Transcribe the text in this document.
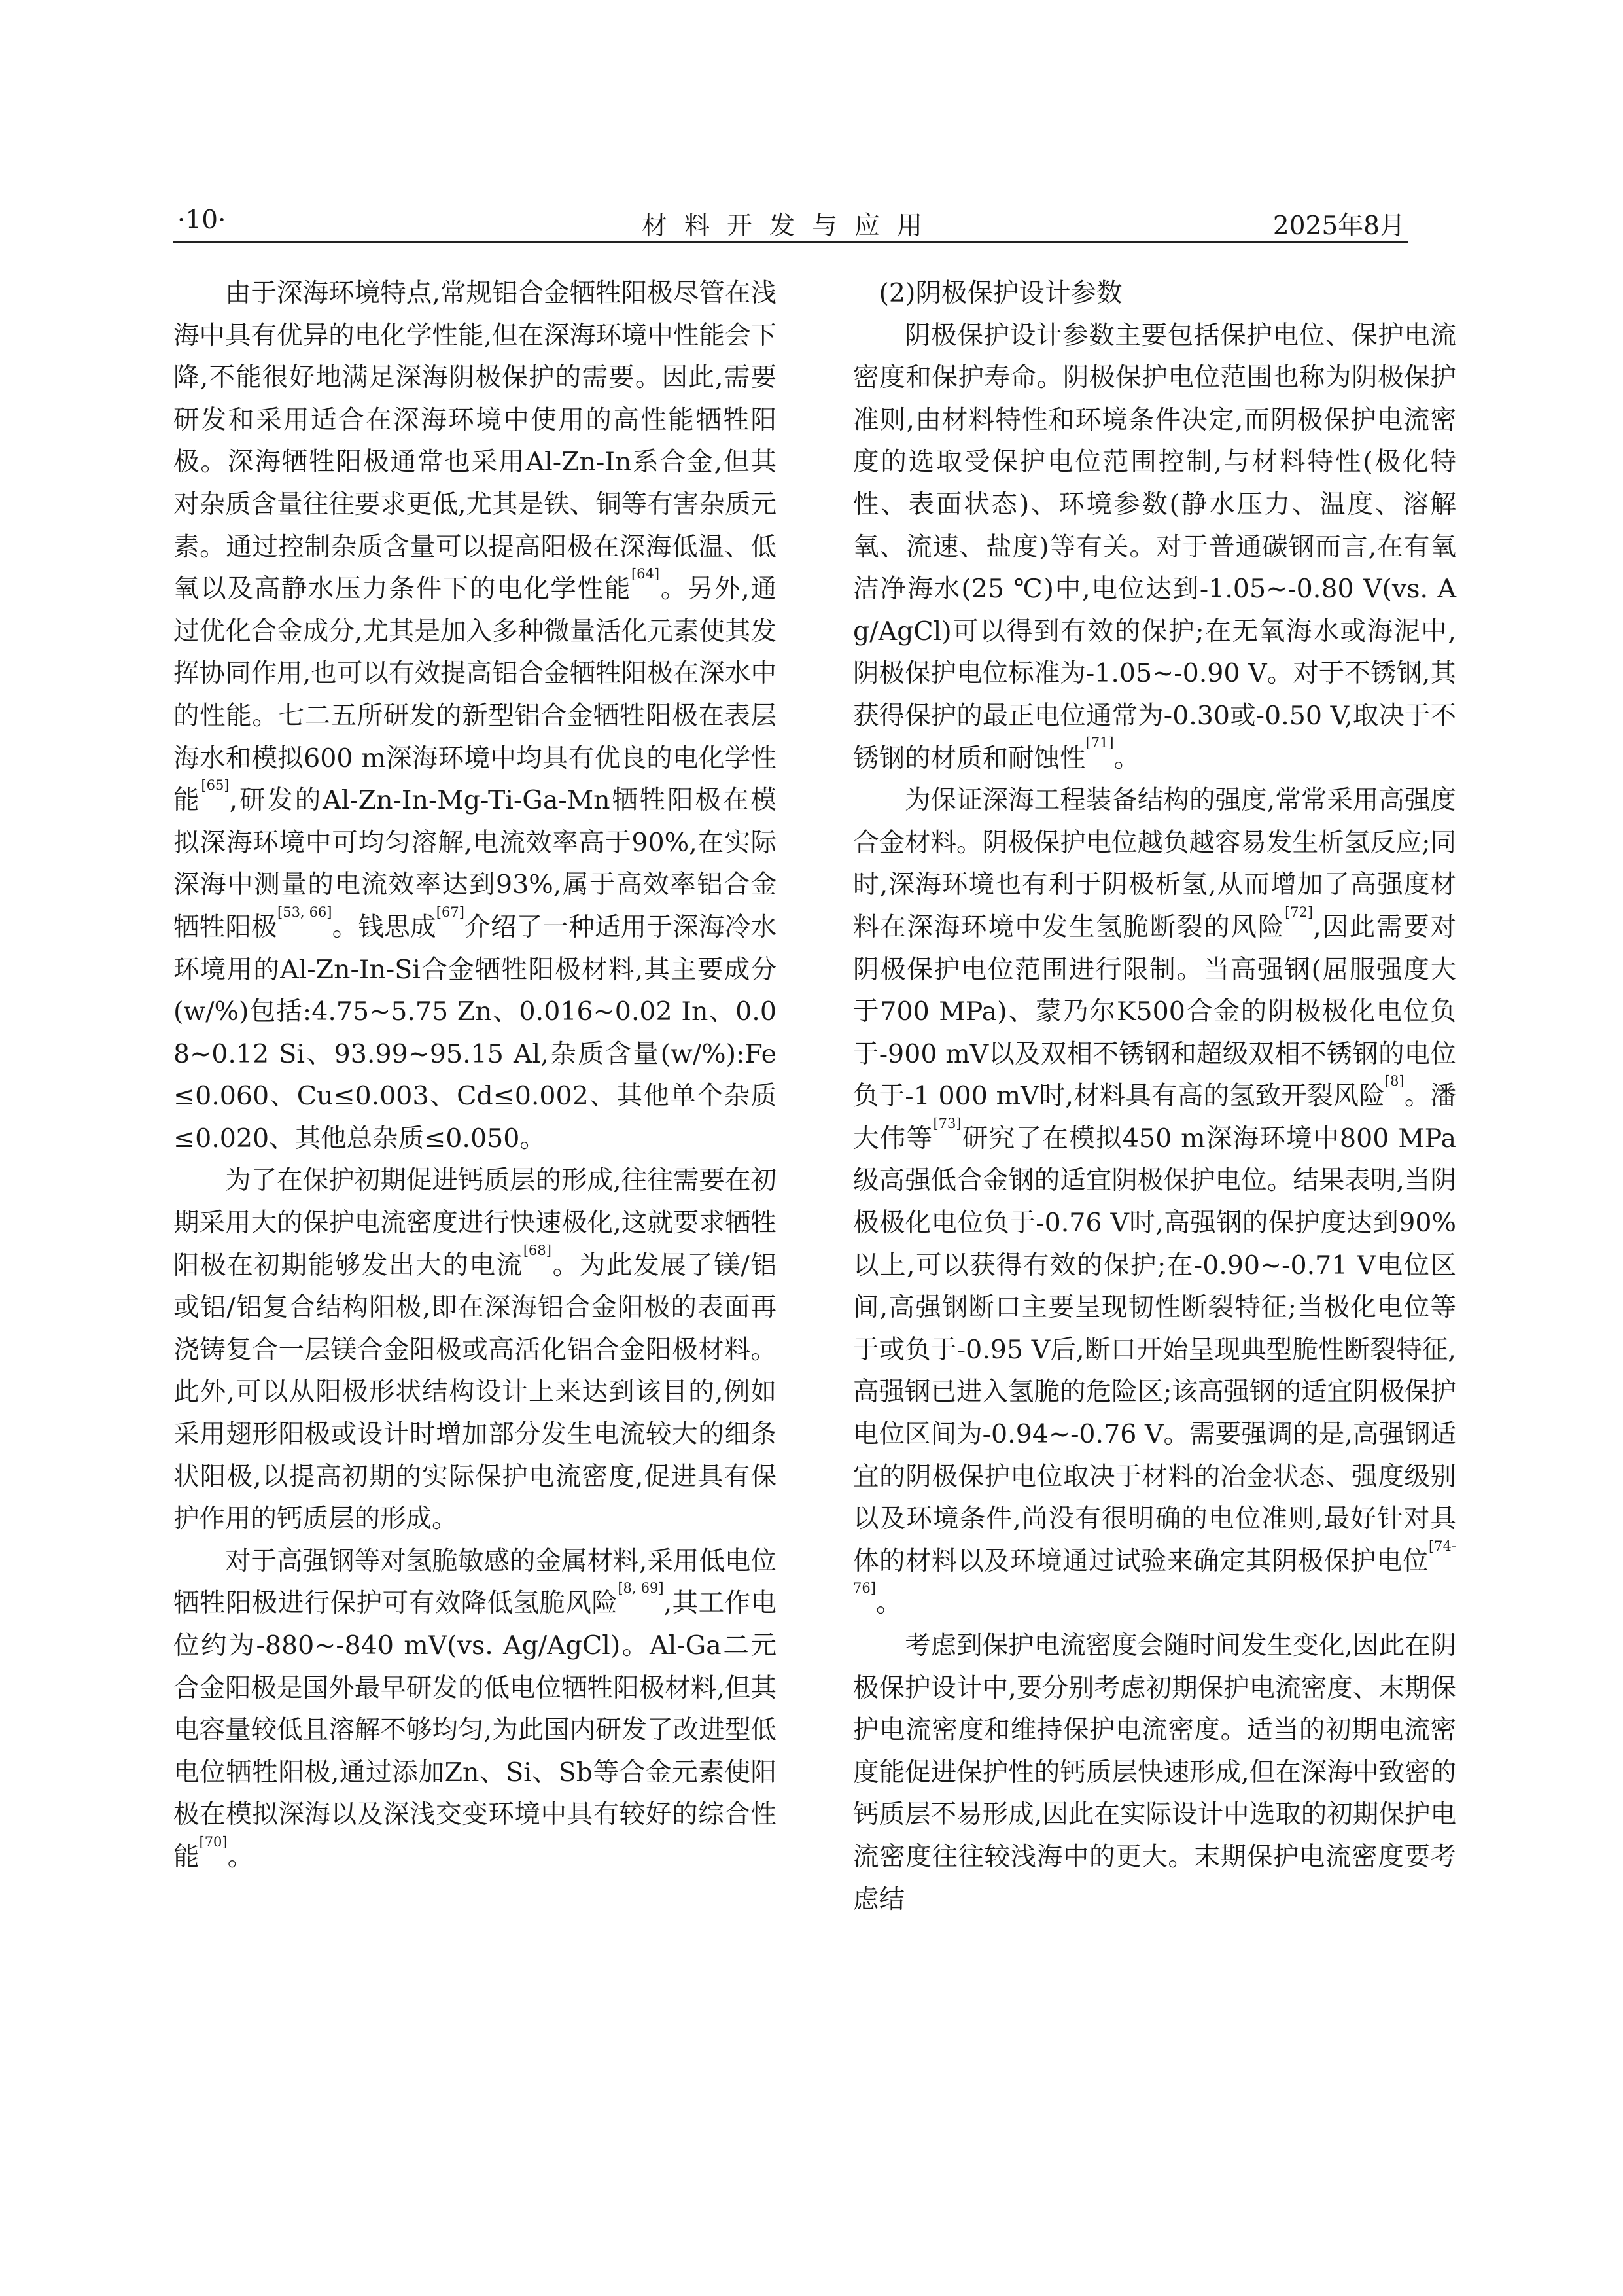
·10·	材料开发与应用	2025年8月

由于深海环境特点,常规铝合金牺牲阳极尽管在浅海中具有优异的电化学性能,但在深海环境中性能会下降,不能很好地满足深海阴极保护的需要。因此,需要研发和采用适合在深海环境中使用的高性能牺牲阳极。深海牺牲阳极通常也采用Al-Zn-In系合金,但其对杂质含量往往要求更低,尤其是铁、铜等有害杂质元素。通过控制杂质含量可以提高阳极在深海低温、低氧以及高静水压力条件下的电化学性能[64]。另外,通过优化合金成分,尤其是加入多种微量活化元素使其发挥协同作用,也可以有效提高铝合金牺牲阳极在深水中的性能。七二五所研发的新型铝合金牺牲阳极在表层海水和模拟600 m深海环境中均具有优良的电化学性能[65],研发的Al-Zn-In-Mg-Ti-Ga-Mn牺牲阳极在模拟深海环境中可均匀溶解,电流效率高于90%,在实际深海中测量的电流效率达到93%,属于高效率铝合金牺牲阳极[53, 66]。钱思成[67]介绍了一种适用于深海冷水环境用的Al-Zn-In-Si合金牺牲阳极材料,其主要成分(w/%)包括:4.75~5.75 Zn、0.016~0.02 In、0.08~0.12 Si、93.99~95.15 Al,杂质含量(w/%):Fe≤0.060、Cu≤0.003、Cd≤0.002、其他单个杂质≤0.020、其他总杂质≤0.050。

为了在保护初期促进钙质层的形成,往往需要在初期采用大的保护电流密度进行快速极化,这就要求牺牲阳极在初期能够发出大的电流[68]。为此发展了镁/铝或铝/铝复合结构阳极,即在深海铝合金阳极的表面再浇铸复合一层镁合金阳极或高活化铝合金阳极材料。此外,可以从阳极形状结构设计上来达到该目的,例如采用翅形阳极或设计时增加部分发生电流较大的细条状阳极,以提高初期的实际保护电流密度,促进具有保护作用的钙质层的形成。

对于高强钢等对氢脆敏感的金属材料,采用低电位牺牲阳极进行保护可有效降低氢脆风险[8, 69],其工作电位约为-880~-840 mV(vs. Ag/AgCl)。Al-Ga二元合金阳极是国外最早研发的低电位牺牲阳极材料,但其电容量较低且溶解不够均匀,为此国内研发了改进型低电位牺牲阳极,通过添加Zn、Si、Sb等合金元素使阳极在模拟深海以及深浅交变环境中具有较好的综合性能[70]。

(2)阴极保护设计参数

阴极保护设计参数主要包括保护电位、保护电流密度和保护寿命。阴极保护电位范围也称为阴极保护准则,由材料特性和环境条件决定,而阴极保护电流密度的选取受保护电位范围控制,与材料特性(极化特性、表面状态)、环境参数(静水压力、温度、溶解氧、流速、盐度)等有关。对于普通碳钢而言,在有氧洁净海水(25 ℃)中,电位达到-1.05~-0.80 V(vs. Ag/AgCl)可以得到有效的保护;在无氧海水或海泥中,阴极保护电位标准为-1.05~-0.90 V。对于不锈钢,其获得保护的最正电位通常为-0.30或-0.50 V,取决于不锈钢的材质和耐蚀性[71]。

为保证深海工程装备结构的强度,常常采用高强度合金材料。阴极保护电位越负越容易发生析氢反应;同时,深海环境也有利于阴极析氢,从而增加了高强度材料在深海环境中发生氢脆断裂的风险[72],因此需要对阴极保护电位范围进行限制。当高强钢(屈服强度大于700 MPa)、蒙乃尔K500合金的阴极极化电位负于-900 mV以及双相不锈钢和超级双相不锈钢的电位负于-1 000 mV时,材料具有高的氢致开裂风险[8]。潘大伟等[73]研究了在模拟450 m深海环境中800 MPa级高强低合金钢的适宜阴极保护电位。结果表明,当阴极极化电位负于-0.76 V时,高强钢的保护度达到90%以上,可以获得有效的保护;在-0.90~-0.71 V电位区间,高强钢断口主要呈现韧性断裂特征;当极化电位等于或负于-0.95 V后,断口开始呈现典型脆性断裂特征,高强钢已进入氢脆的危险区;该高强钢的适宜阴极保护电位区间为-0.94~-0.76 V。需要强调的是,高强钢适宜的阴极保护电位取决于材料的冶金状态、强度级别以及环境条件,尚没有很明确的电位准则,最好针对具体的材料以及环境通过试验来确定其阴极保护电位[74-76]。

考虑到保护电流密度会随时间发生变化,因此在阴极保护设计中,要分别考虑初期保护电流密度、末期保护电流密度和维持保护电流密度。适当的初期电流密度能促进保护性的钙质层快速形成,但在深海中致密的钙质层不易形成,因此在实际设计中选取的初期保护电流密度往往较浅海中的更大。末期保护电流密度要考虑结
